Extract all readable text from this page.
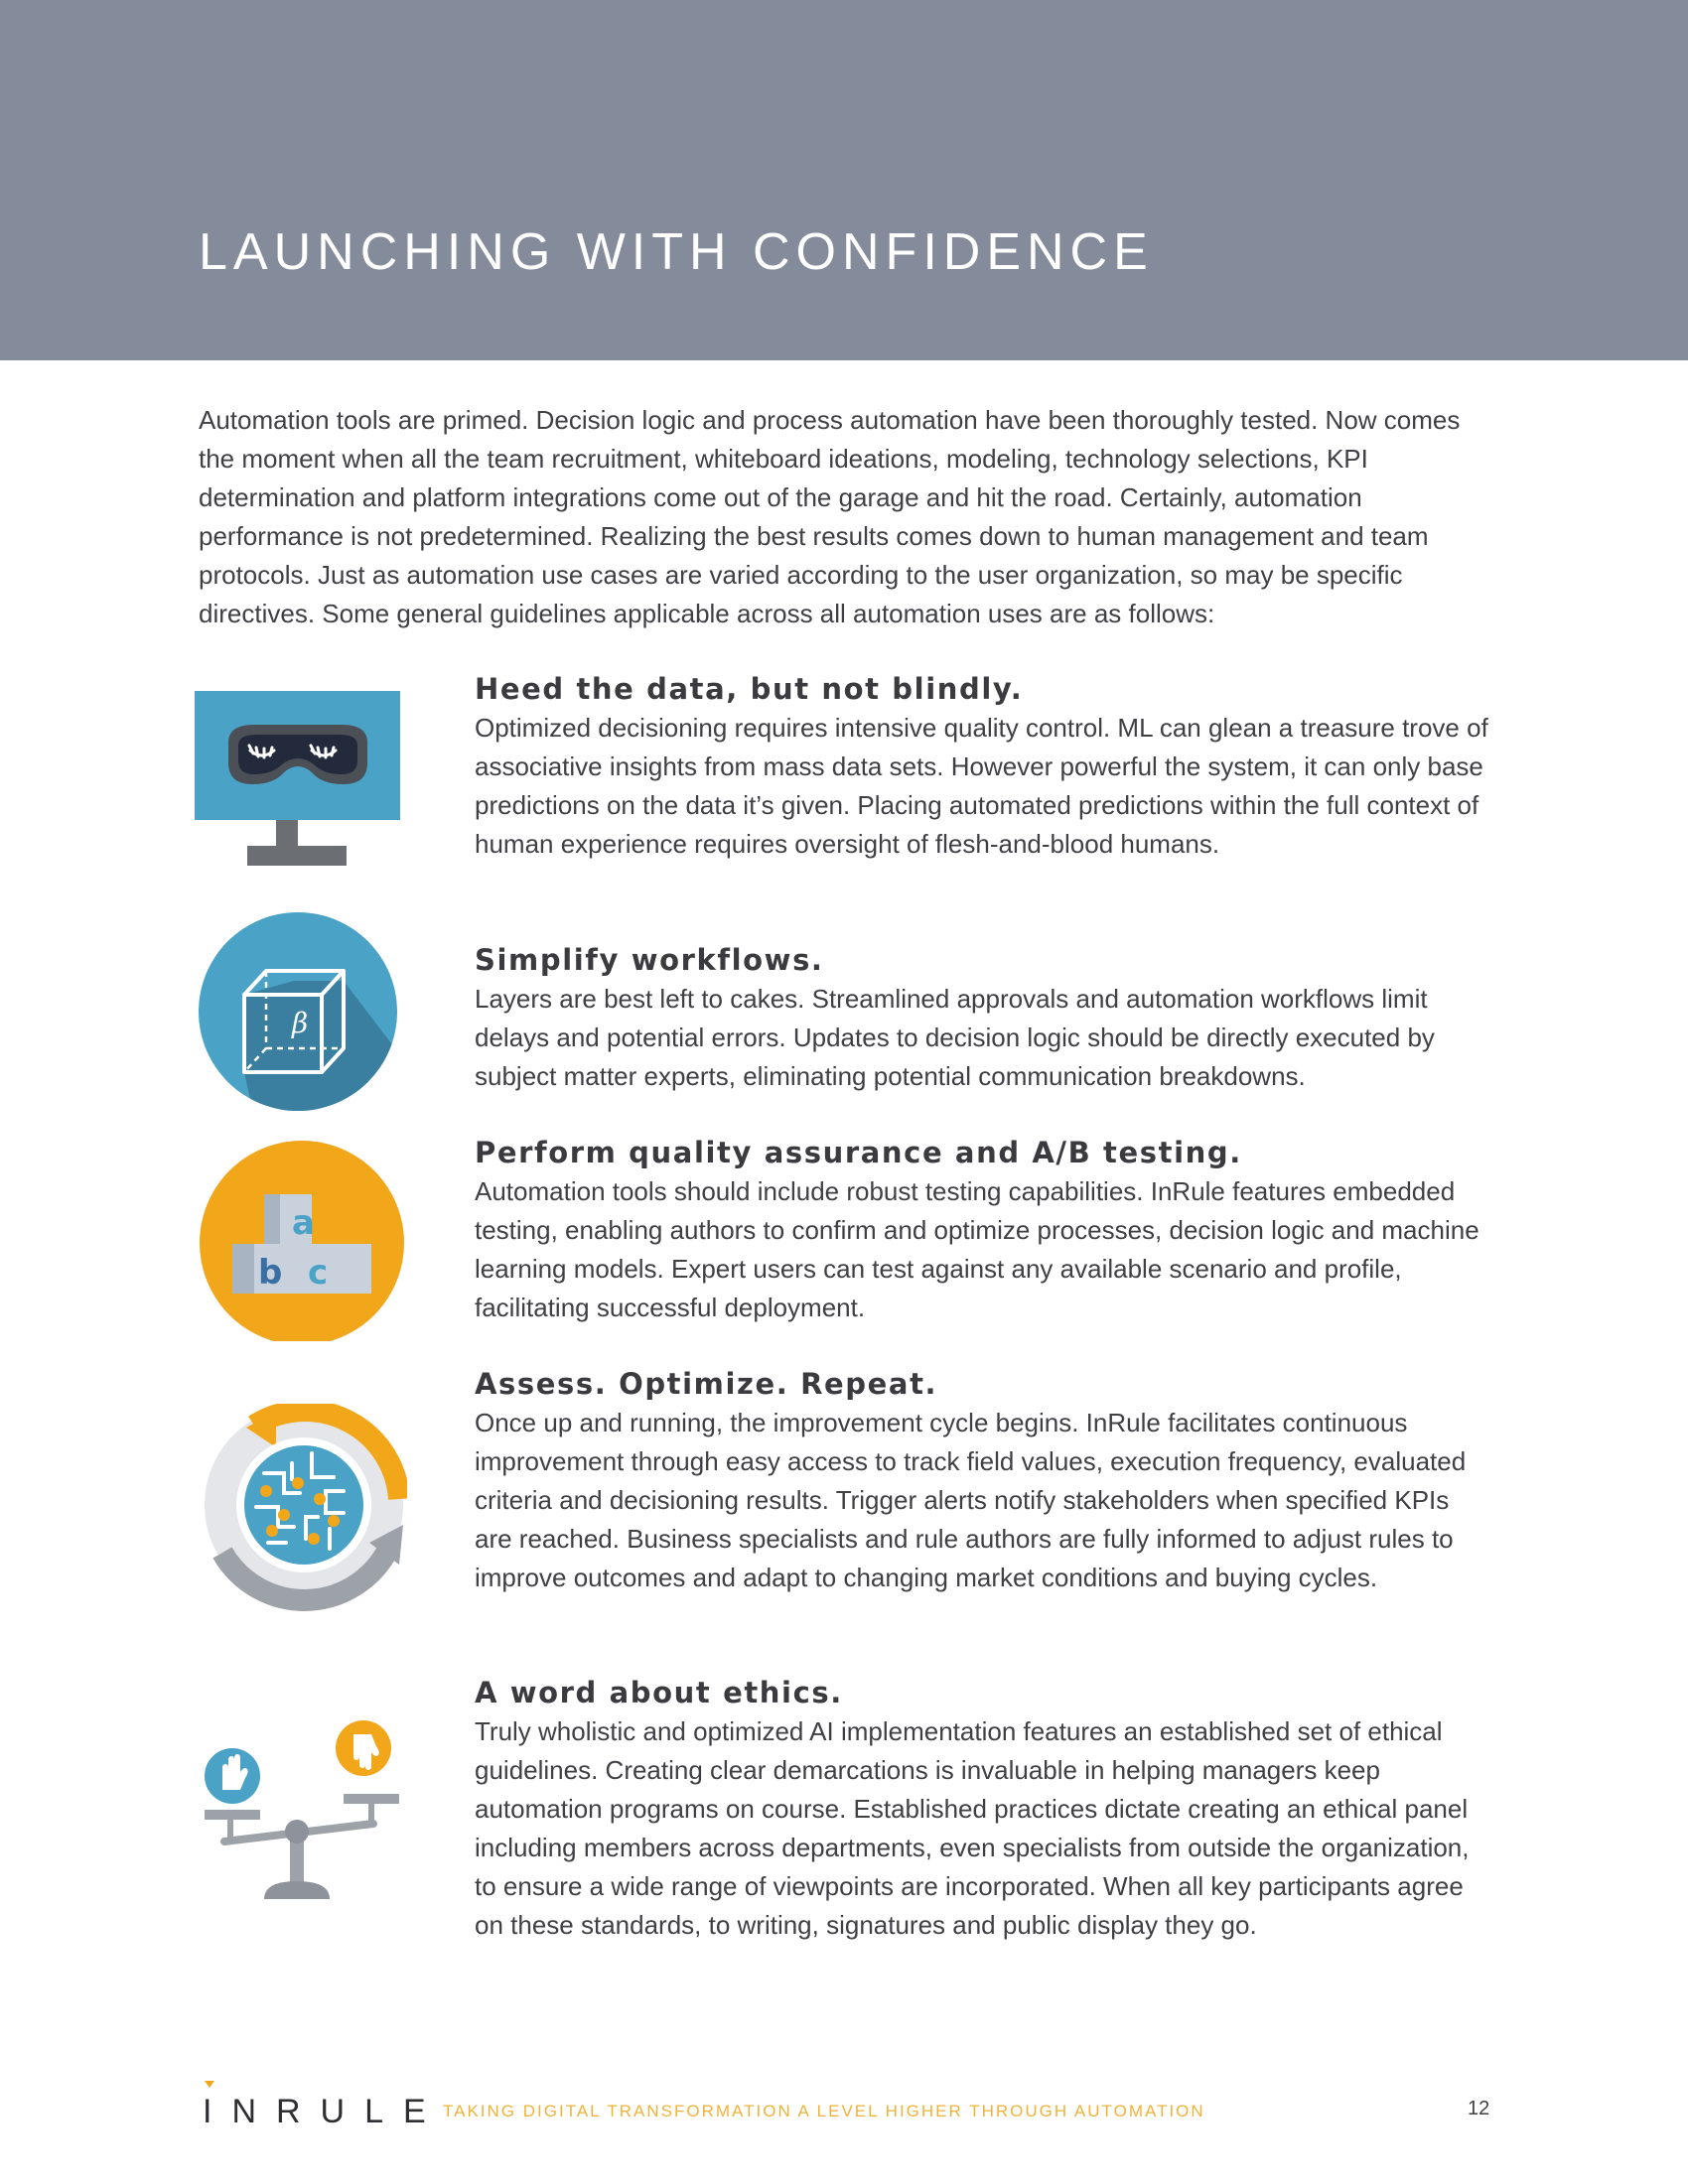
LAUNCHING WITH CONFIDENCE

Automation tools are primed. Decision logic and process automation have been thoroughly tested. Now comes the moment when all the team recruitment, whiteboard ideations, modeling, technology selections, KPI determination and platform integrations come out of the garage and hit the road. Certainly, automation performance is not predetermined. Realizing the best results comes down to human management and team protocols. Just as automation use cases are varied according to the user organization, so may be specific directives. Some general guidelines applicable across all automation uses are as follows:

Heed the data, but not blindly.

Optimized decisioning requires intensive quality control. ML can glean a treasure trove of associative insights from mass data sets. However powerful the system, it can only base predictions on the data it’s given. Placing automated predictions within the full context of human experience requires oversight of flesh-and-blood humans.

β
Simplify workflows.

Layers are best left to cakes. Streamlined approvals and automation workflows limit delays and potential errors. Updates to decision logic should be directly executed by subject matter experts, eliminating potential communication breakdowns.

a
b c
Perform quality assurance and A/B testing.

Automation tools should include robust testing capabilities. InRule features embedded testing, enabling authors to confirm and optimize processes, decision logic and machine learning models. Expert users can test against any available scenario and profile, facilitating successful deployment.

Assess. Optimize. Repeat.

Once up and running, the improvement cycle begins. InRule facilitates continuous improvement through easy access to track field values, execution frequency, evaluated criteria and decisioning results. Trigger alerts notify stakeholders when specified KPIs are reached. Business specialists and rule authors are fully informed to adjust rules to improve outcomes and adapt to changing market conditions and buying cycles.

A word about ethics.

Truly wholistic and optimized AI implementation features an established set of ethical guidelines. Creating clear demarcations is invaluable in helping managers keep automation programs on course. Established practices dictate creating an ethical panel including members across departments, even specialists from outside the organization, to ensure a wide range of viewpoints are incorporated. When all key participants agree on these standards, to writing, signatures and public display they go.

INRULE
TAKING DIGITAL TRANSFORMATION A LEVEL HIGHER THROUGH AUTOMATION	12
